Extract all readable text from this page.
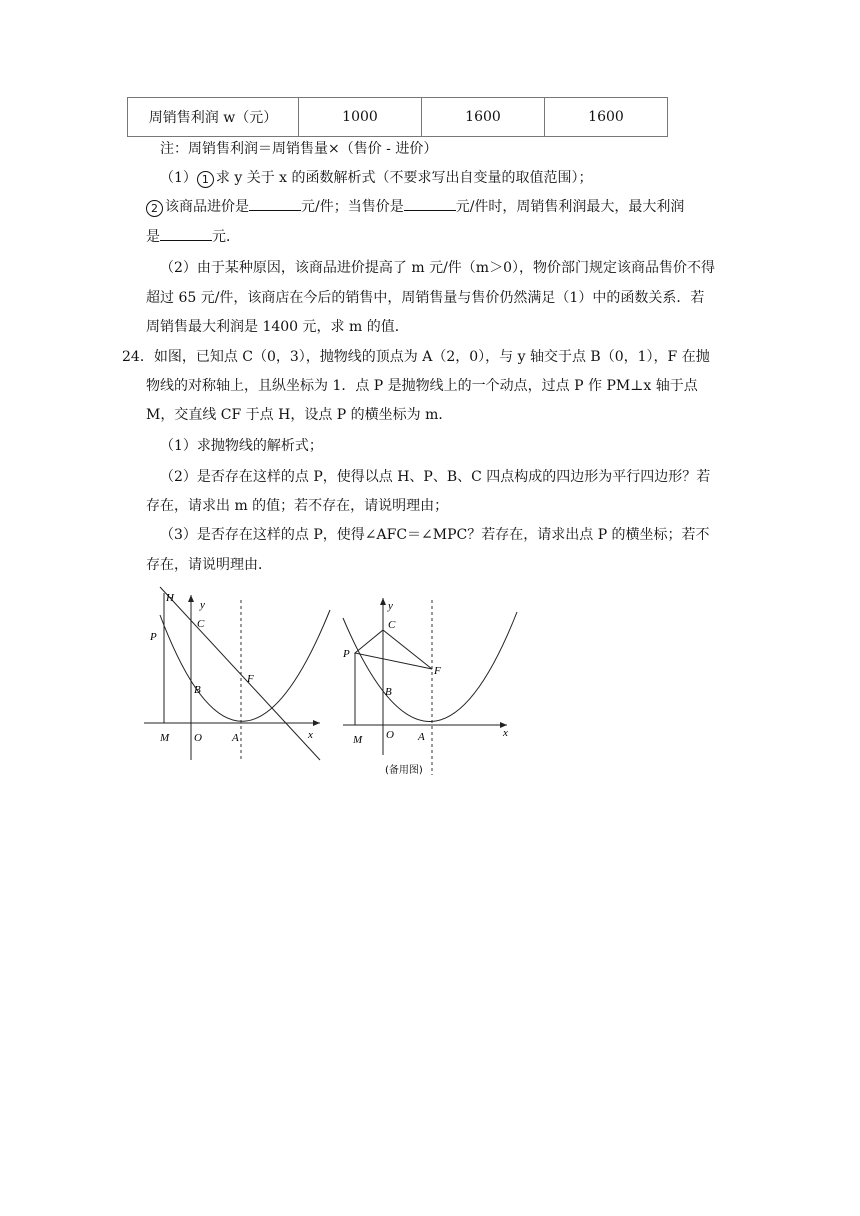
周销售利润 w（元）	1000	1600	1600
注：周销售利润＝周销售量×（售价 - 进价）
（1） 1 求 y 关于 x 的函数解析式（不要求写出自变量的取值范围）；
2 该商品进价是	元/件；当售价是	元/件时，周销售利润最大，最大利润
是	元．
（2）由于某种原因，该商品进价提高了 m 元/件（m＞0），物价部门规定该商品售价不得
超过 65 元/件，该商店在今后的销售中，周销售量与售价仍然满足（1）中的函数关系．若
周销售最大利润是 1400 元，求 m 的值．
24．如图，已知点 C（0，3），抛物线的顶点为 A（2，0），与 y 轴交于点 B（0，1），F 在抛
物线的对称轴上，且纵坐标为 1．点 P 是抛物线上的一个动点，过点 P 作 PM⊥x 轴于点
M，交直线 CF 于点 H，设点 P 的横坐标为 m．
（1）求抛物线的解析式；
（2）是否存在这样的点 P，使得以点 H、P、B、C 四点构成的四边形为平行四边形？若
存在，请求出 m 的值；若不存在，请说明理由；
（3）是否存在这样的点 P，使得∠AFC＝∠MPC？若存在，请求出点 P 的横坐标；若不
存在，请说明理由．
H
y
C
P
F
B
M O	A	x
y
C
P
F
B
M O A	x
(备用图)
